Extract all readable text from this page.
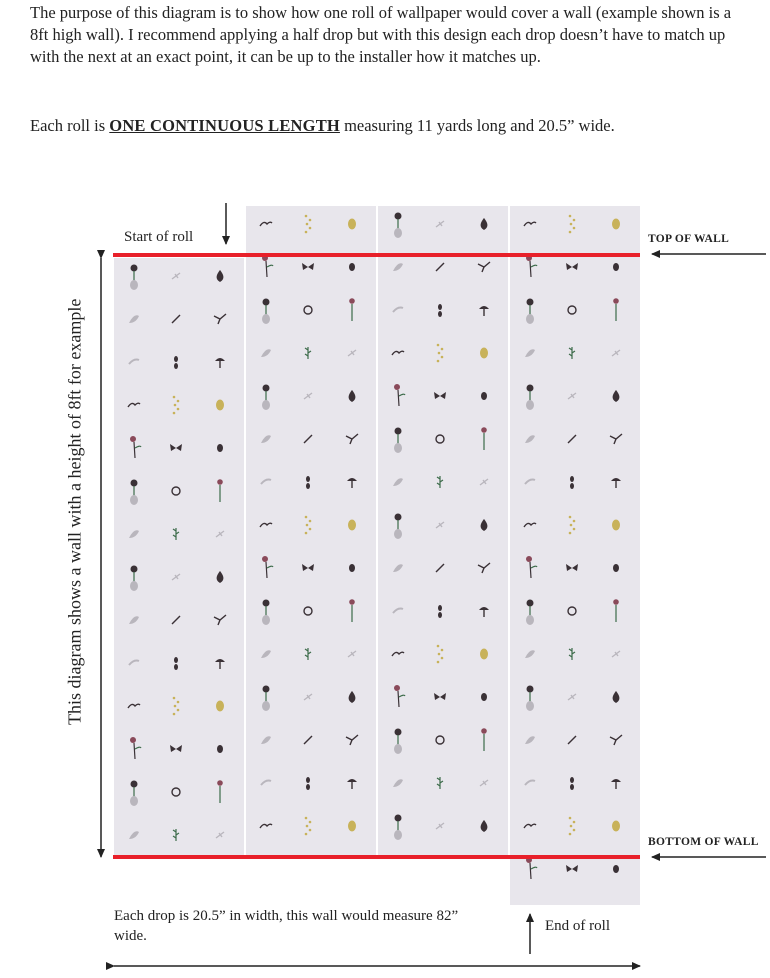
The purpose of this diagram is to show how one roll of wallpaper would cover a wall (example shown is a 8ft high wall). I recommend applying a half drop but with this design each drop doesn’t have to match up with the next at an exact point, it can be up to the installer how it matches up.

Each roll is ONE CONTINUOUS LENGTH measuring 11 yards long and 20.5” wide.
Start of roll
End of roll
TOP OF WALL
BOTTOM OF WALL
This diagram shows a wall with a height of 8ft for example

Each drop is 20.5” in width, this wall would measure 82” wide.
